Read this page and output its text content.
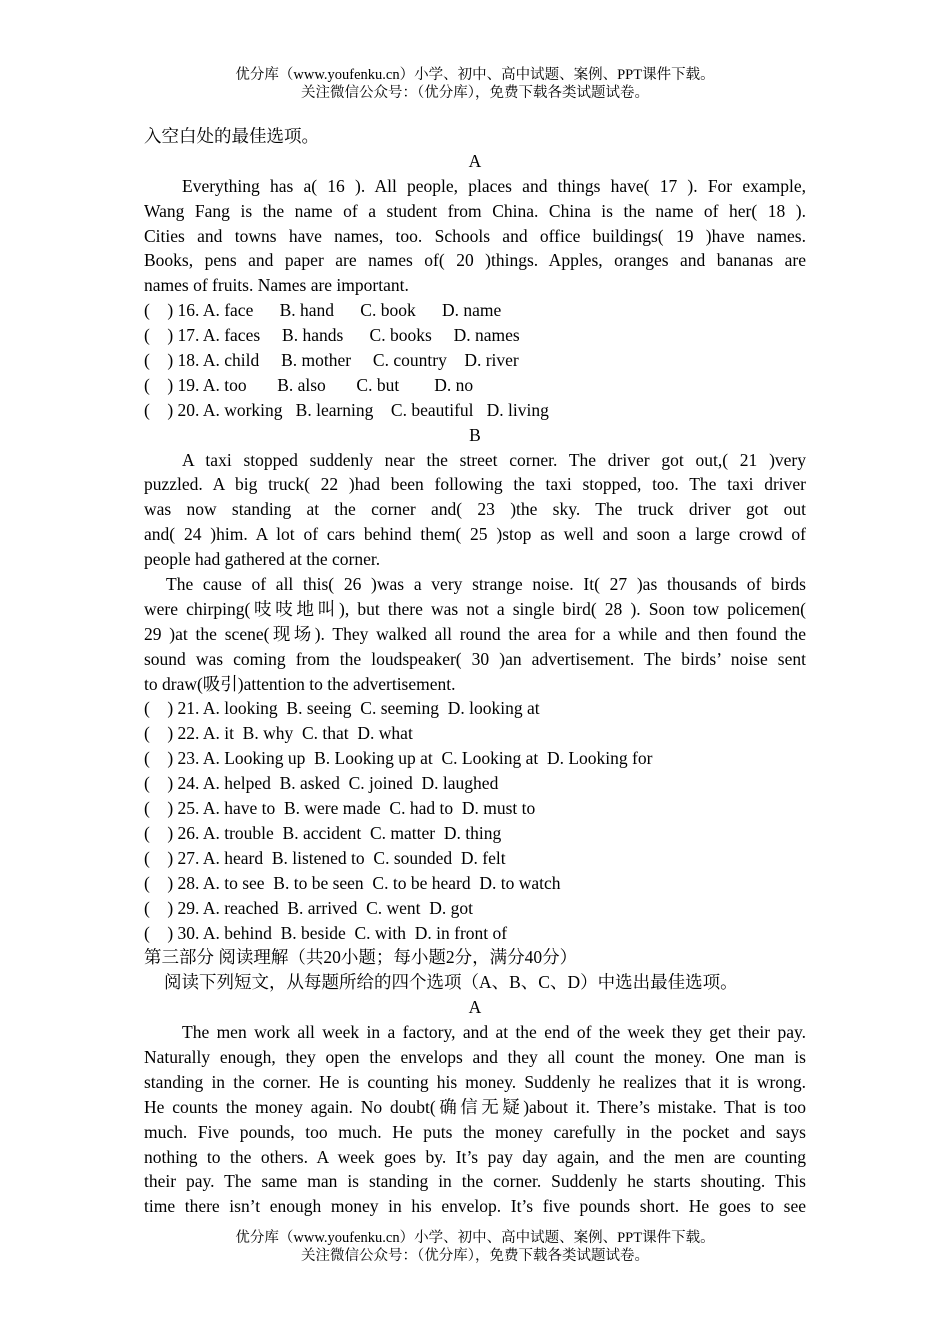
优分库（www.youfenku.cn）小学、初中、高中试题、案例、PPT课件下载。
关注微信公众号：（优分库），免费下载各类试题试卷。
入空白处的最佳选项。
A
Everything has a( 16 ). All people, places and things have( 17 ). For example,
Wang Fang is the name of a student from China. China is the name of her( 18 ).
Cities and towns have names, too. Schools and office buildings( 19 )have names.
Books, pens and paper are names of( 20 )things. Apples, oranges and bananas are
names of fruits. Names are important.
(    ) 16. A. face      B. hand      C. book      D. name
(    ) 17. A. faces     B. hands      C. books     D. names
(    ) 18. A. child     B. mother     C. country    D. river
(    ) 19. A. too       B. also       C. but        D. no
(    ) 20. A. working   B. learning    C. beautiful   D. living
B
A taxi stopped suddenly near the street corner. The driver got out,( 21 )very
puzzled. A big truck( 22 )had been following the taxi stopped, too. The taxi driver
was now standing at the corner and( 23 )the sky. The truck driver got out
and( 24 )him. A lot of cars behind them( 25 )stop as well and soon a large crowd of
people had gathered at the corner.
The cause of all this( 26 )was a very strange noise. It( 27 )as thousands of birds
were chirping(吱吱地叫), but there was not a single bird( 28 ). Soon tow policemen(
29 )at the scene(现场). They walked all round the area for a while and then found the
sound was coming from the loudspeaker( 30 )an advertisement. The birds’ noise sent
to draw(吸引)attention to the advertisement.
(    ) 21. A. looking  B. seeing  C. seeming  D. looking at
(    ) 22. A. it  B. why  C. that  D. what
(    ) 23. A. Looking up  B. Looking up at  C. Looking at  D. Looking for
(    ) 24. A. helped  B. asked  C. joined  D. laughed
(    ) 25. A. have to  B. were made  C. had to  D. must to
(    ) 26. A. trouble  B. accident  C. matter  D. thing
(    ) 27. A. heard  B. listened to  C. sounded  D. felt
(    ) 28. A. to see  B. to be seen  C. to be heard  D. to watch
(    ) 29. A. reached  B. arrived  C. went  D. got
(    ) 30. A. behind  B. beside  C. with  D. in front of
第三部分 阅读理解（共20小题；每小题2分，满分40分）
阅读下列短文，从每题所给的四个选项（A、B、C、D）中选出最佳选项。
A
The men work all week in a factory, and at the end of the week they get their pay.
Naturally enough, they open the envelops and they all count the money. One man is
standing in the corner. He is counting his money. Suddenly he realizes that it is wrong.
He counts the money again. No doubt(确信无疑)about it. There’s mistake. That is too
much. Five pounds, too much. He puts the money carefully in the pocket and says
nothing to the others. A week goes by. It’s pay day again, and the men are counting
their pay. The same man is standing in the corner. Suddenly he starts shouting. This
time there isn’t enough money in his envelop. It’s five pounds short. He goes to see
优分库（www.youfenku.cn）小学、初中、高中试题、案例、PPT课件下载。
关注微信公众号：（优分库），免费下载各类试题试卷。
